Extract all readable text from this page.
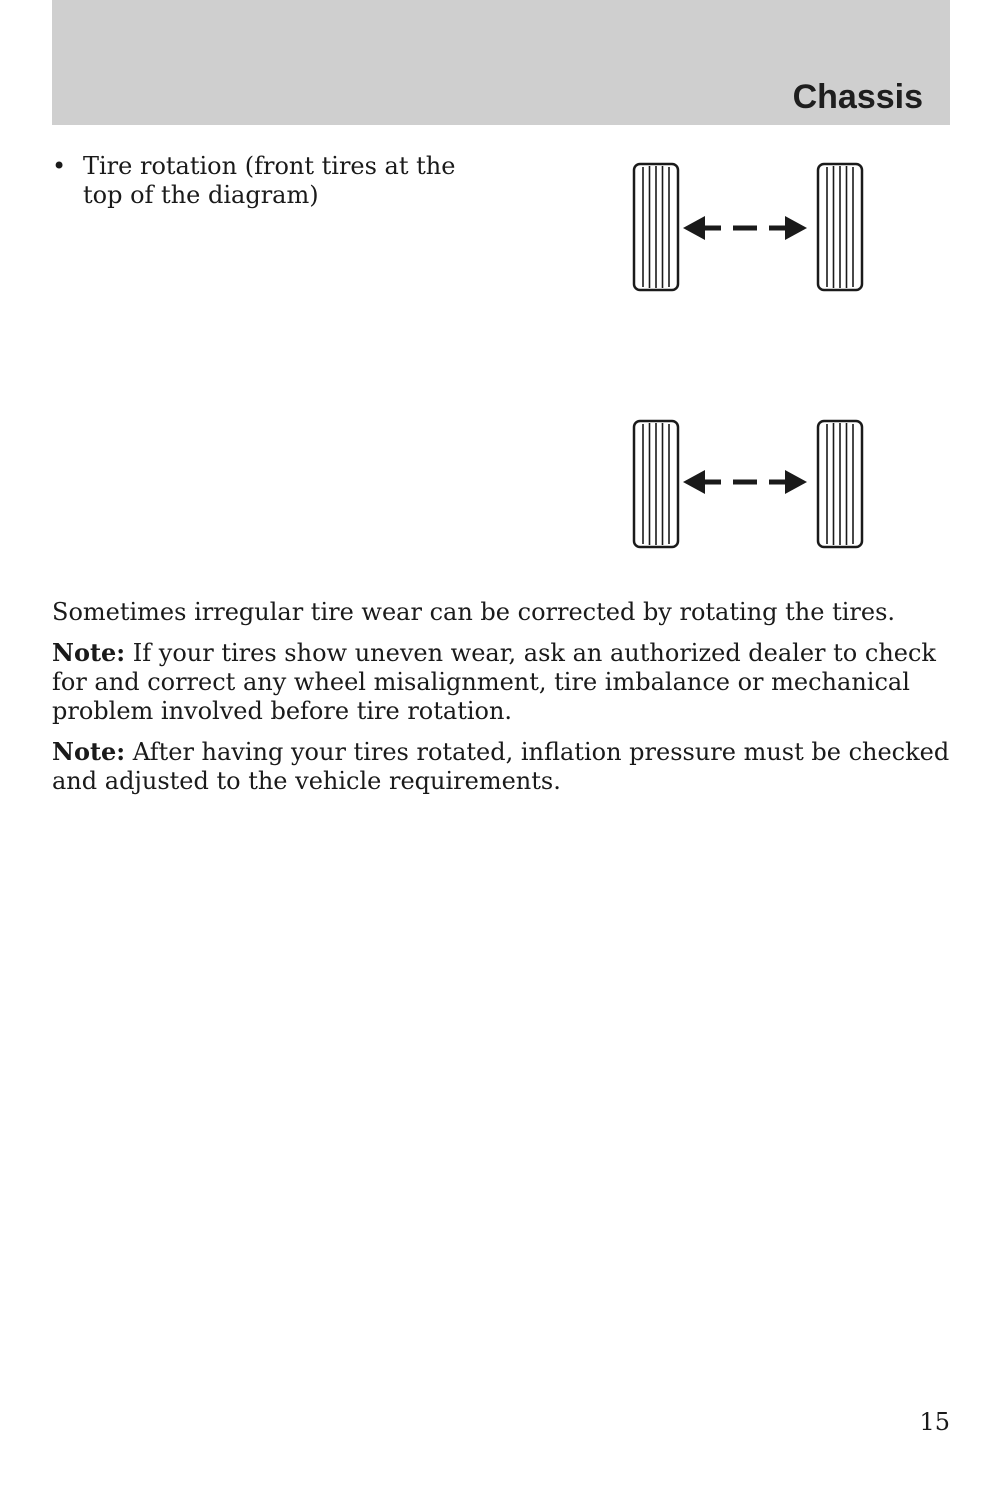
Chassis
• Tire rotation (front tires at the top of the diagram)

Sometimes irregular tire wear can be corrected by rotating the tires.

Note: If your tires show uneven wear, ask an authorized dealer to check for and correct any wheel misalignment, tire imbalance or mechanical problem involved before tire rotation.

Note: After having your tires rotated, inflation pressure must be checked and adjusted to the vehicle requirements.

15
